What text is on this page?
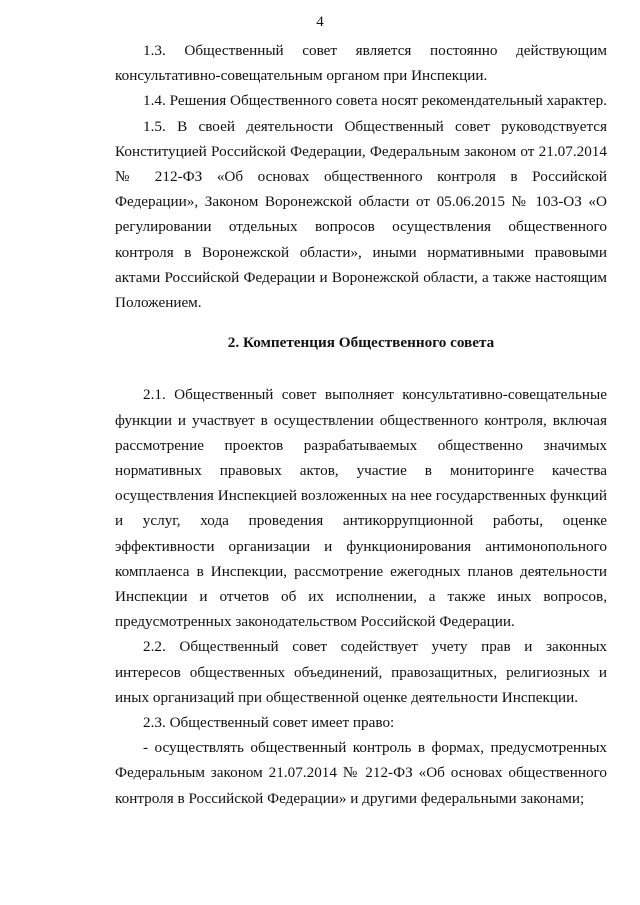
4

1.3. Общественный совет является постоянно действующим консультативно-совещательным органом при Инспекции.

1.4. Решения Общественного совета носят рекомендательный характер.

1.5. В своей деятельности Общественный совет руководствуется Конституцией Российской Федерации, Федеральным законом от 21.07.2014 № 212-ФЗ «Об основах общественного контроля в Российской Федерации», Законом Воронежской области от 05.06.2015 № 103-ОЗ «О регулировании отдельных вопросов осуществления общественного контроля в Воронежской области», иными нормативными правовыми актами Российской Федерации и Воронежской области, а также настоящим Положением.

2. Компетенция Общественного совета

2.1. Общественный совет выполняет консультативно-совещательные функции и участвует в осуществлении общественного контроля, включая рассмотрение проектов разрабатываемых общественно значимых нормативных правовых актов, участие в мониторинге качества осуществления Инспекцией возложенных на нее государственных функций и услуг, хода проведения антикоррупционной работы, оценке эффективности организации и функционирования антимонопольного комплаенса в Инспекции, рассмотрение ежегодных планов деятельности Инспекции и отчетов об их исполнении, а также иных вопросов, предусмотренных законодательством Российской Федерации.

2.2. Общественный совет содействует учету прав и законных интересов общественных объединений, правозащитных, религиозных и иных организаций при общественной оценке деятельности Инспекции.

2.3. Общественный совет имеет право:

- осуществлять общественный контроль в формах, предусмотренных Федеральным законом 21.07.2014 № 212-ФЗ «Об основах общественного контроля в Российской Федерации» и другими федеральными законами;
